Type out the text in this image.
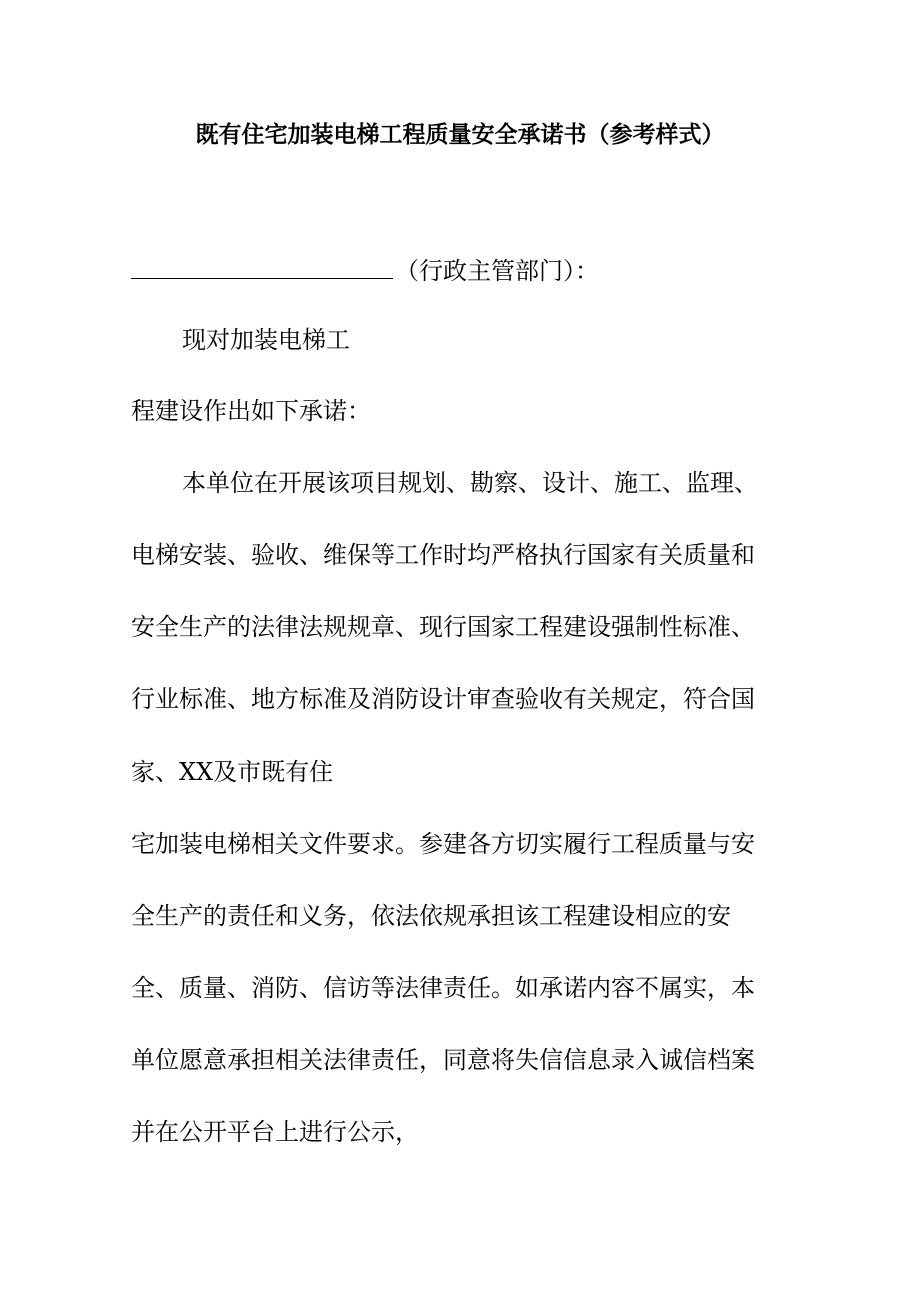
既有住宅加装电梯工程质量安全承诺书（参考样式）
（行政主管部门）：
现对加装电梯工
程建设作出如下承诺：
本单位在开展该项目规划、勘察、设计、施工、监理、
电梯安装、验收、维保等工作时均严格执行国家有关质量和
安全生产的法律法规规章、现行国家工程建设强制性标准、
行业标准、地方标准及消防设计审查验收有关规定，符合国
家、XX及市既有住
宅加装电梯相关文件要求。参建各方切实履行工程质量与安
全生产的责任和义务，依法依规承担该工程建设相应的安
全、质量、消防、信访等法律责任。如承诺内容不属实，本
单位愿意承担相关法律责任，同意将失信信息录入诚信档案
并在公开平台上进行公示，
